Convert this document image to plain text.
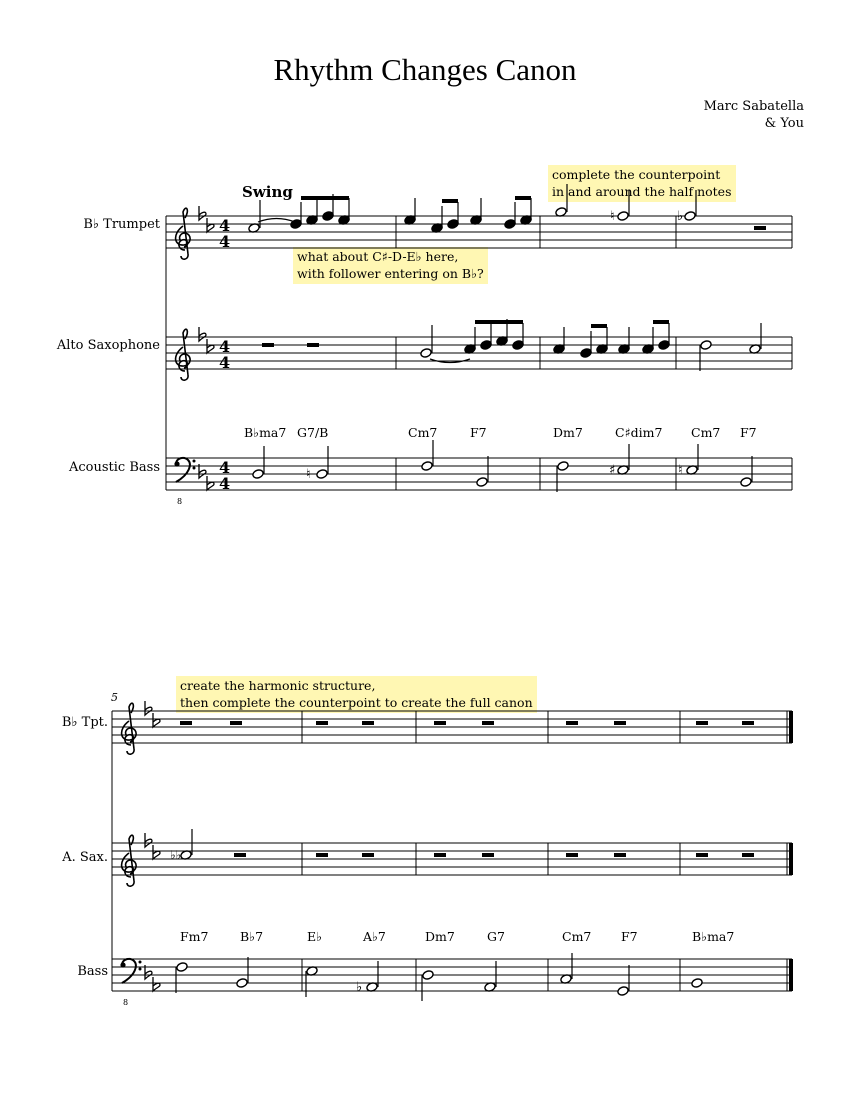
Rhythm Changes Canon
Marc Sabatella
& You
B♭ Trumpet
Alto Saxophone
Acoustic Bass
Swing
complete the counterpoint
in and around the half notes
what about C♯-D-E♭ here,
with follower entering on B♭?
B♭ma7 G7/B	Cm7	F7	Dm7	C♯dim7 Cm7 F7
5
B♭ Tpt.
A. Sax.
Bass
create the harmonic structure,
then complete the counterpoint to create the full canon
Fm7	B♭7	E♭	A♭7	Dm7	G7	Cm7 F7	B♭ma7
4
4
4
4
8
4
4
♮	♭
♮	♯	♮
8
♭♭
♭
